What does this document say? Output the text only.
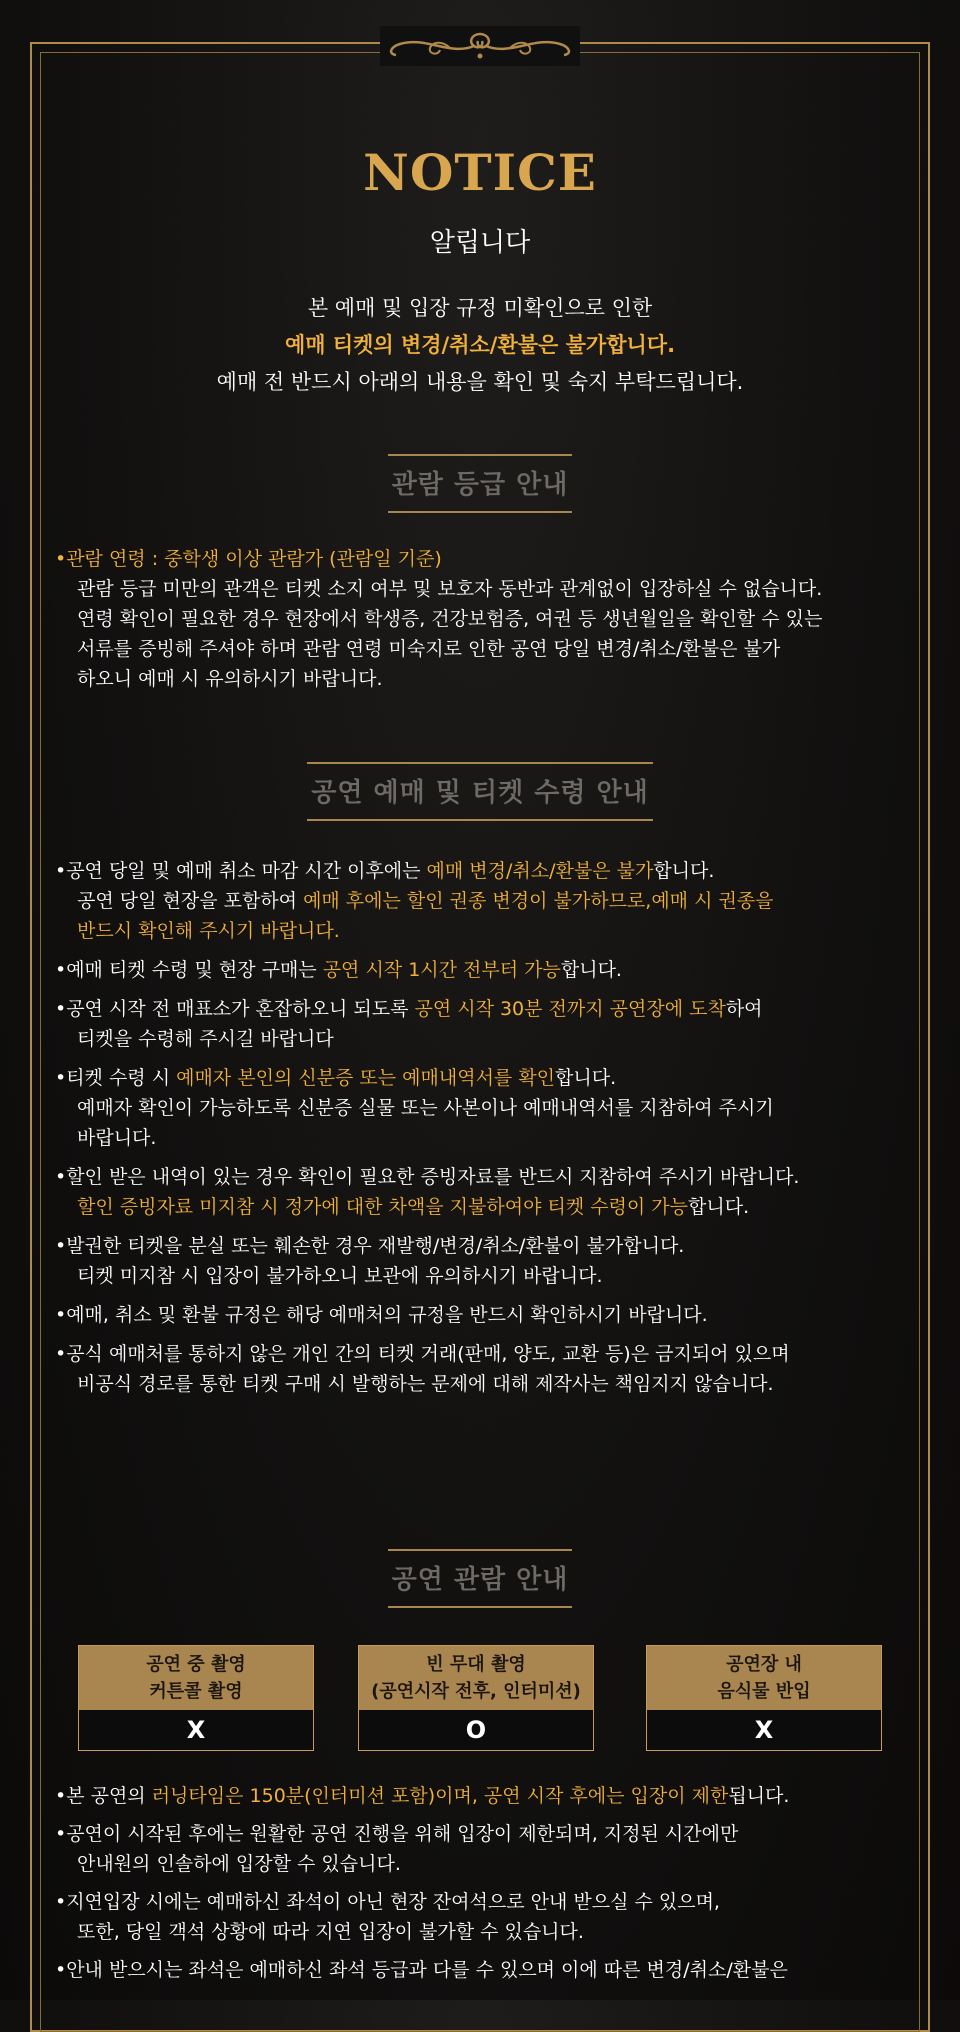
NOTICE
알립니다
본 예매 및 입장 규정 미확인으로 인한
예매 티켓의 변경/취소/환불은 불가합니다.
예매 전 반드시 아래의 내용을 확인 및 숙지 부탁드립니다.
관람 등급 안내

•관람 연령 : 중학생 이상 관람가 (관람일 기준)

관람 등급 미만의 관객은 티켓 소지 여부 및 보호자 동반과 관계없이 입장하실 수 없습니다.

연령 확인이 필요한 경우 현장에서 학생증, 건강보험증, 여권 등 생년월일을 확인할 수 있는

서류를 증빙해 주셔야 하며 관람 연령 미숙지로 인한 공연 당일 변경/취소/환불은 불가

하오니 예매 시 유의하시기 바랍니다.

공연 예매 및 티켓 수령 안내
•공연 당일 및 예매 취소 마감 시간 이후에는 예매 변경/취소/환불은 불가합니다.
공연 당일 현장을 포함하여 예매 후에는 할인 권종 변경이 불가하므로,예매 시 권종을
반드시 확인해 주시기 바랍니다.
•예매 티켓 수령 및 현장 구매는 공연 시작 1시간 전부터 가능합니다.
•공연 시작 전 매표소가 혼잡하오니 되도록 공연 시작 30분 전까지 공연장에 도착하여
티켓을 수령해 주시길 바랍니다
•티켓 수령 시 예매자 본인의 신분증 또는 예매내역서를 확인합니다.
예매자 확인이 가능하도록 신분증 실물 또는 사본이나 예매내역서를 지참하여 주시기
바랍니다.
•할인 받은 내역이 있는 경우 확인이 필요한 증빙자료를 반드시 지참하여 주시기 바랍니다.
할인 증빙자료 미지참 시 정가에 대한 차액을 지불하여야 티켓 수령이 가능합니다.
•발권한 티켓을 분실 또는 훼손한 경우 재발행/변경/취소/환불이 불가합니다.
티켓 미지참 시 입장이 불가하오니 보관에 유의하시기 바랍니다.
•예매, 취소 및 환불 규정은 해당 예매처의 규정을 반드시 확인하시기 바랍니다.
•공식 예매처를 통하지 않은 개인 간의 티켓 거래(판매, 양도, 교환 등)은 금지되어 있으며
비공식 경로를 통한 티켓 구매 시 발행하는 문제에 대해 제작사는 책임지지 않습니다.
공연 관람 안내
공연 중 촬영
커튼콜 촬영
X
빈 무대 촬영
(공연시작 전후, 인터미션)
O
공연장 내
음식물 반입
X
•본 공연의 러닝타임은 150분(인터미션 포함)이며, 공연 시작 후에는 입장이 제한됩니다.
•공연이 시작된 후에는 원활한 공연 진행을 위해 입장이 제한되며, 지정된 시간에만
안내원의 인솔하에 입장할 수 있습니다.
•지연입장 시에는 예매하신 좌석이 아닌 현장 잔여석으로 안내 받으실 수 있으며,
또한, 당일 객석 상황에 따라 지연 입장이 불가할 수 있습니다.
•안내 받으시는 좌석은 예매하신 좌석 등급과 다를 수 있으며 이에 따른 변경/취소/환불은
